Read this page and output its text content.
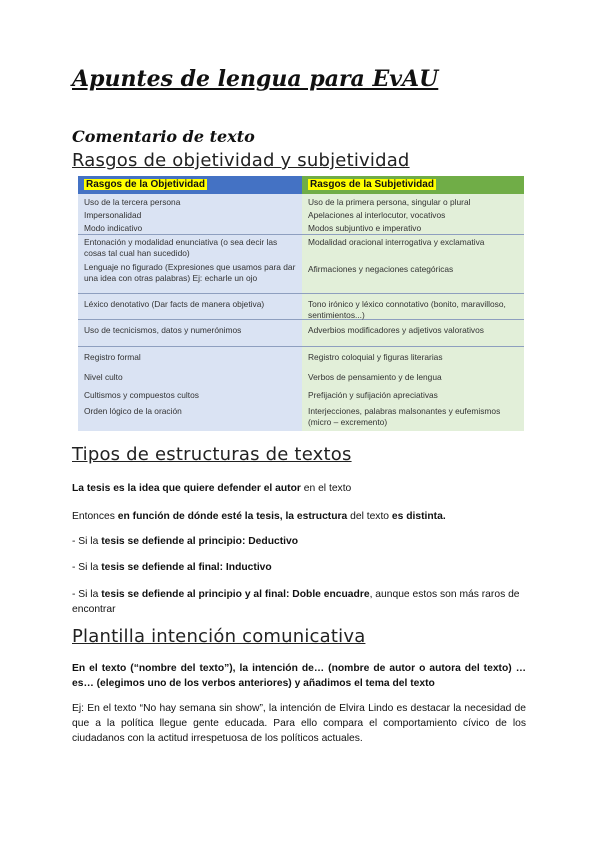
Apuntes de lengua para EvAU
Comentario de texto
Rasgos de objetividad y subjetividad
Rasgos de la Objetividad	Rasgos de la Subjetividad
Uso de la tercera persona
Impersonalidad
Modo indicativo
Entonación y modalidad enunciativa (o sea decir las cosas tal cual han sucedido)
Lenguaje no figurado (Expresiones que usamos para dar una idea con otras palabras) Ej: echarle un ojo
Léxico denotativo (Dar facts de manera objetiva)
Uso de tecnicismos, datos y numerónimos
Registro formal
Nivel culto
Cultismos y compuestos cultos
Orden lógico de la oración
Uso de la primera persona, singular o plural
Apelaciones al interlocutor, vocativos
Modos subjuntivo e imperativo
Modalidad oracional interrogativa y exclamativa
Afirmaciones y negaciones categóricas
Tono irónico y léxico connotativo (bonito, maravilloso, sentimientos...)
Adverbios modificadores y adjetivos valorativos
Registro coloquial y figuras literarias
Verbos de pensamiento y de lengua
Prefijación y sufijación apreciativas
Interjecciones, palabras malsonantes y eufemismos (micro – excremento)
Tipos de estructuras de textos

La tesis es la idea que quiere defender el autor en el texto

Entonces en función de dónde esté la tesis, la estructura del texto es distinta.

- Si la tesis se defiende al principio: Deductivo

- Si la tesis se defiende al final: Inductivo

- Si la tesis se defiende al principio y al final: Doble encuadre, aunque estos son más raros de encontrar

Plantilla intención comunicativa

En el texto (“nombre del texto”), la intención de… (nombre de autor o autora del texto) …es… (elegimos uno de los verbos anteriores) y añadimos el tema del texto

Ej: En el texto “No hay semana sin show”, la intención de Elvira Lindo es destacar la necesidad de que a la política llegue gente educada. Para ello compara el comportamiento cívico de los ciudadanos con la actitud irrespetuosa de los políticos actuales.
